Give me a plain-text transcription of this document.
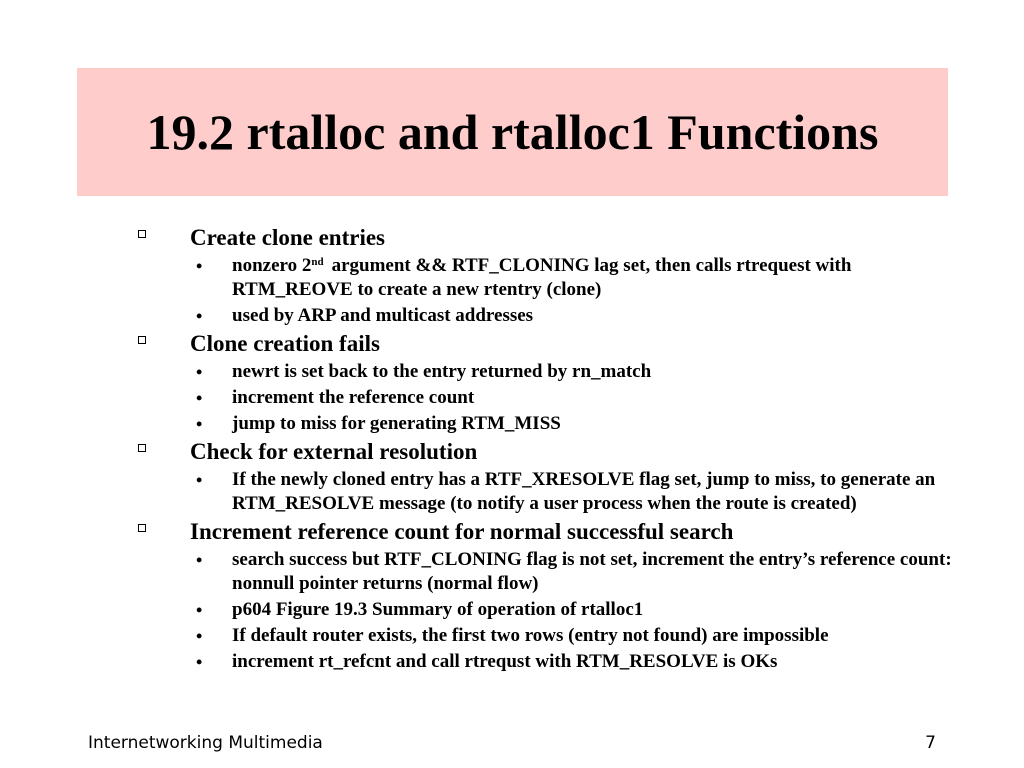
19.2 rtalloc and rtalloc1 Functions
Create clone entries
• nonzero 2nd argument && RTF_CLONING lag set, then calls rtrequest with RTM_REOVE to create a new rtentry (clone)
• used by ARP and multicast addresses
Clone creation fails
• newrt is set back to the entry returned by rn_match
• increment the reference count
• jump to miss for generating RTM_MISS
Check for external resolution
• If the newly cloned entry has a RTF_XRESOLVE flag set, jump to miss, to generate an RTM_RESOLVE message (to notify a user process when the route is created)
Increment reference count for normal successful search
• search success but RTF_CLONING flag is not set, increment the entry’s reference count: nonnull pointer returns (normal flow)
• p604 Figure 19.3 Summary of operation of rtalloc1
• If default router exists, the first two rows (entry not found) are impossible
• increment rt_refcnt and call rtrequst with RTM_RESOLVE is OKs
Internetworking Multimedia	7
